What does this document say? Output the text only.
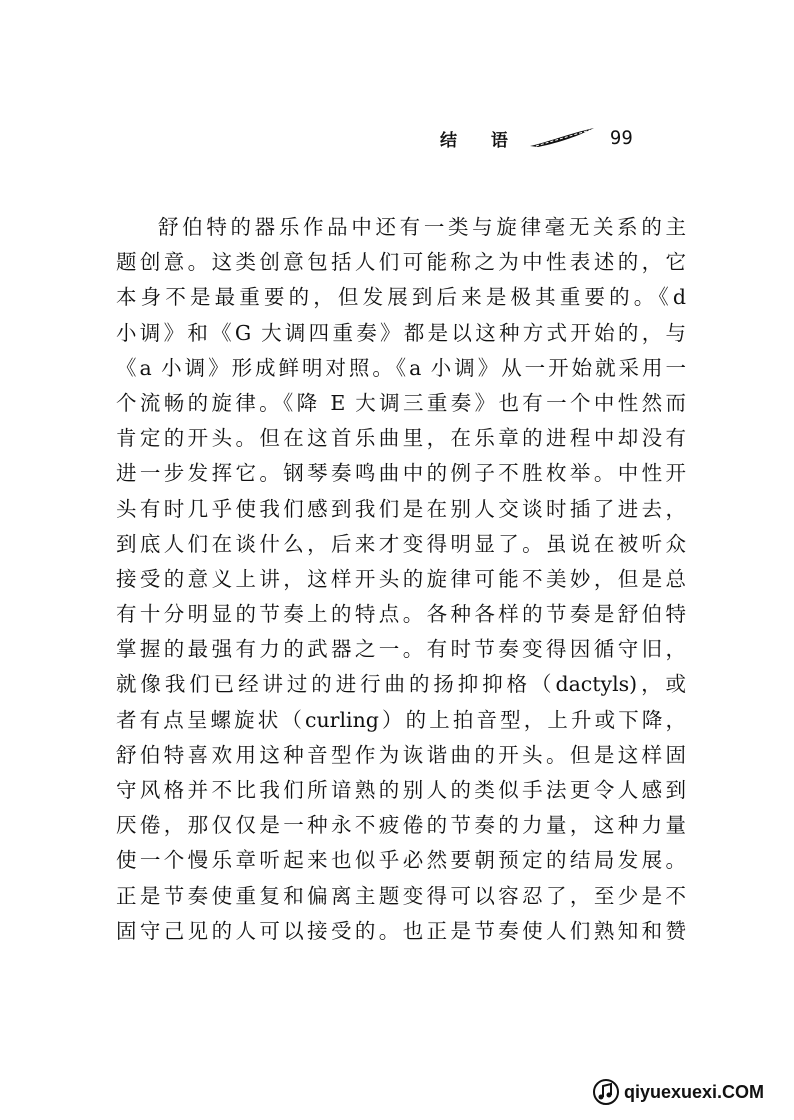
结 语	99
舒伯特的器乐作品中还有一类与旋律毫无关系的主
题创意。这类创意包括人们可能称之为中性表述的，它
本身不是最重要的，但发展到后来是极其重要的。《d
小调》和《G 大调四重奏》都是以这种方式开始的，与
《a 小调》形成鲜明对照。《a 小调》从一开始就采用一
个流畅的旋律。《降 E 大调三重奏》也有一个中性然而
肯定的开头。但在这首乐曲里，在乐章的进程中却没有
进一步发挥它。钢琴奏鸣曲中的例子不胜枚举。中性开
头有时几乎使我们感到我们是在别人交谈时插了进去，
到底人们在谈什么，后来才变得明显了。虽说在被听众
接受的意义上讲，这样开头的旋律可能不美妙，但是总
有十分明显的节奏上的特点。各种各样的节奏是舒伯特
掌握的最强有力的武器之一。有时节奏变得因循守旧，
就像我们已经讲过的进行曲的扬抑抑格（dactyls)，或
者有点呈螺旋状（curling）的上拍音型，上升或下降，
舒伯特喜欢用这种音型作为诙谐曲的开头。但是这样固
守风格并不比我们所谙熟的别人的类似手法更令人感到
厌倦，那仅仅是一种永不疲倦的节奏的力量，这种力量
使一个慢乐章听起来也似乎必然要朝预定的结局发展。
正是节奏使重复和偏离主题变得可以容忍了，至少是不
固守己见的人可以接受的。也正是节奏使人们熟知和赞
qiyuexuexi.COM
